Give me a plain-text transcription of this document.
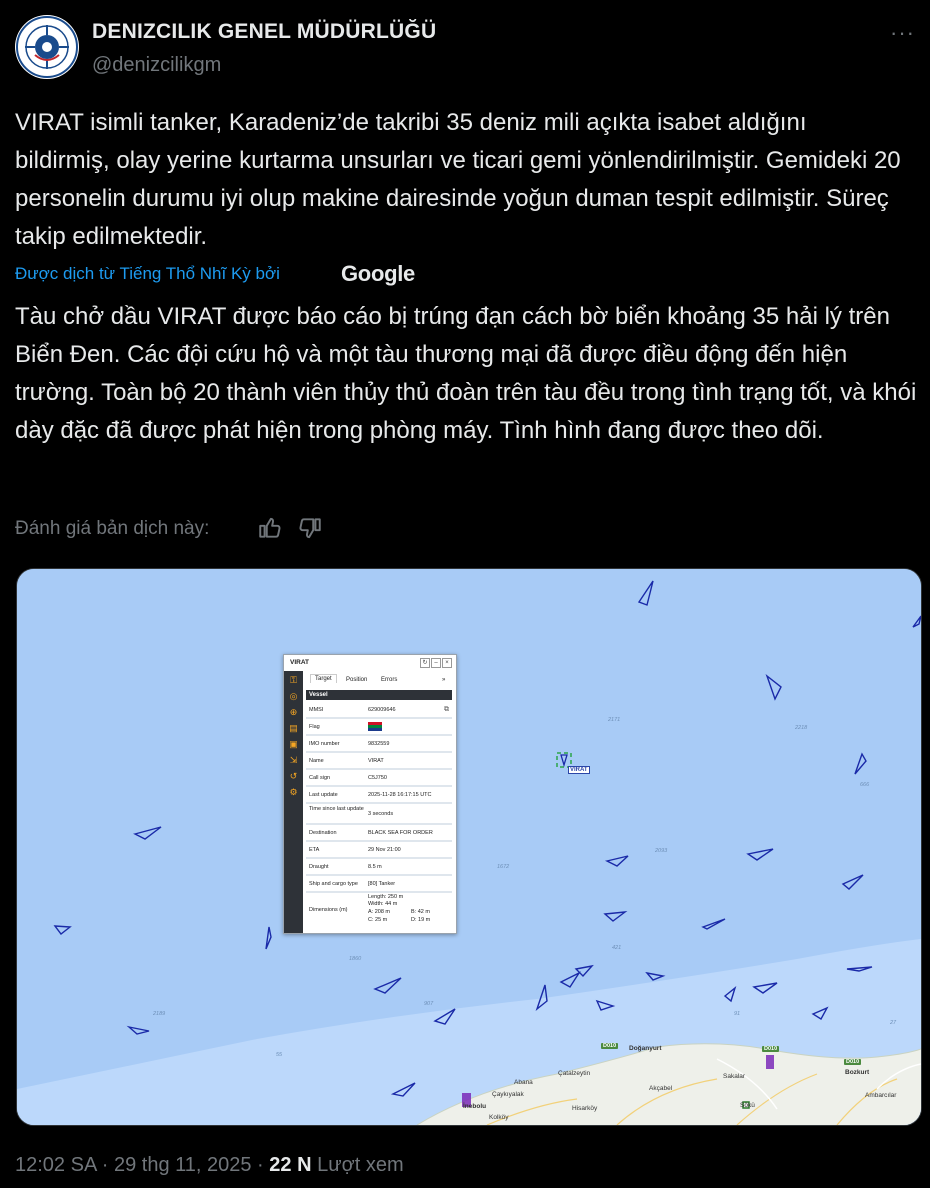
DENIZCILIK GENEL MÜDÜRLÜĞÜ
@denizcilikgm
···
VIRAT isimli tanker, Karadeniz’de takribi 35 deniz mili açıkta isabet aldığını bildirmiş, olay yerine kurtarma unsurları ve ticari gemi yönlendirilmiştir. Gemideki 20 personelin durumu iyi olup makine dairesinde yoğun duman tespit edilmiştir. Süreç takip edilmektedir.
Được dịch từ Tiếng Thổ Nhĩ Kỳ bởi	Google
Tàu chở dầu VIRAT được báo cáo bị trúng đạn cách bờ biển khoảng 35 hải lý trên Biển Đen. Các đội cứu hộ và một tàu thương mại đã được điều động đến hiện trường. Toàn bộ 20 thành viên thủy thủ đoàn trên tàu đều trong tình trạng tốt, và khói dày đặc đã được phát hiện trong phòng máy. Tình hình đang được theo dõi.
Đánh giá bản dịch này:
VIRAT
2171
2218
666
1672
2093
421
1860
907
2189
55
91
27
D010	D010
D010
Doğanyurt
Bozkurt
Çatalzeytin
Abana
Çaykıyalak
Akçabel
Hisarköy
Sakalar
Ambarcılar
Sökü
Kolköy
İnebolu
VIRAT	↻	–	×
⚿
◎
⊕
▤
▣
⇲
↺
⚙
Target	Position Errors	»
Vessel
MMSI	629009646	⧉
Flag
IMO number	9832559
Name	VIRAT
Call sign	C5J750
Last update	2025-11-28 16:17:15 UTC
Time since last update
3 seconds
Destination	BLACK SEA FOR ORDER
ETA	29 Nov 21:00
Draught	8.5 m
Ship and cargo type	[80] Tanker
Dimensions (m)
Length: 250 m
Width: 44 m
A: 208 m	B: 42 m
C: 25 m	D: 19 m
12:02 SA · 29 thg 11, 2025 · 22 N Lượt xem
